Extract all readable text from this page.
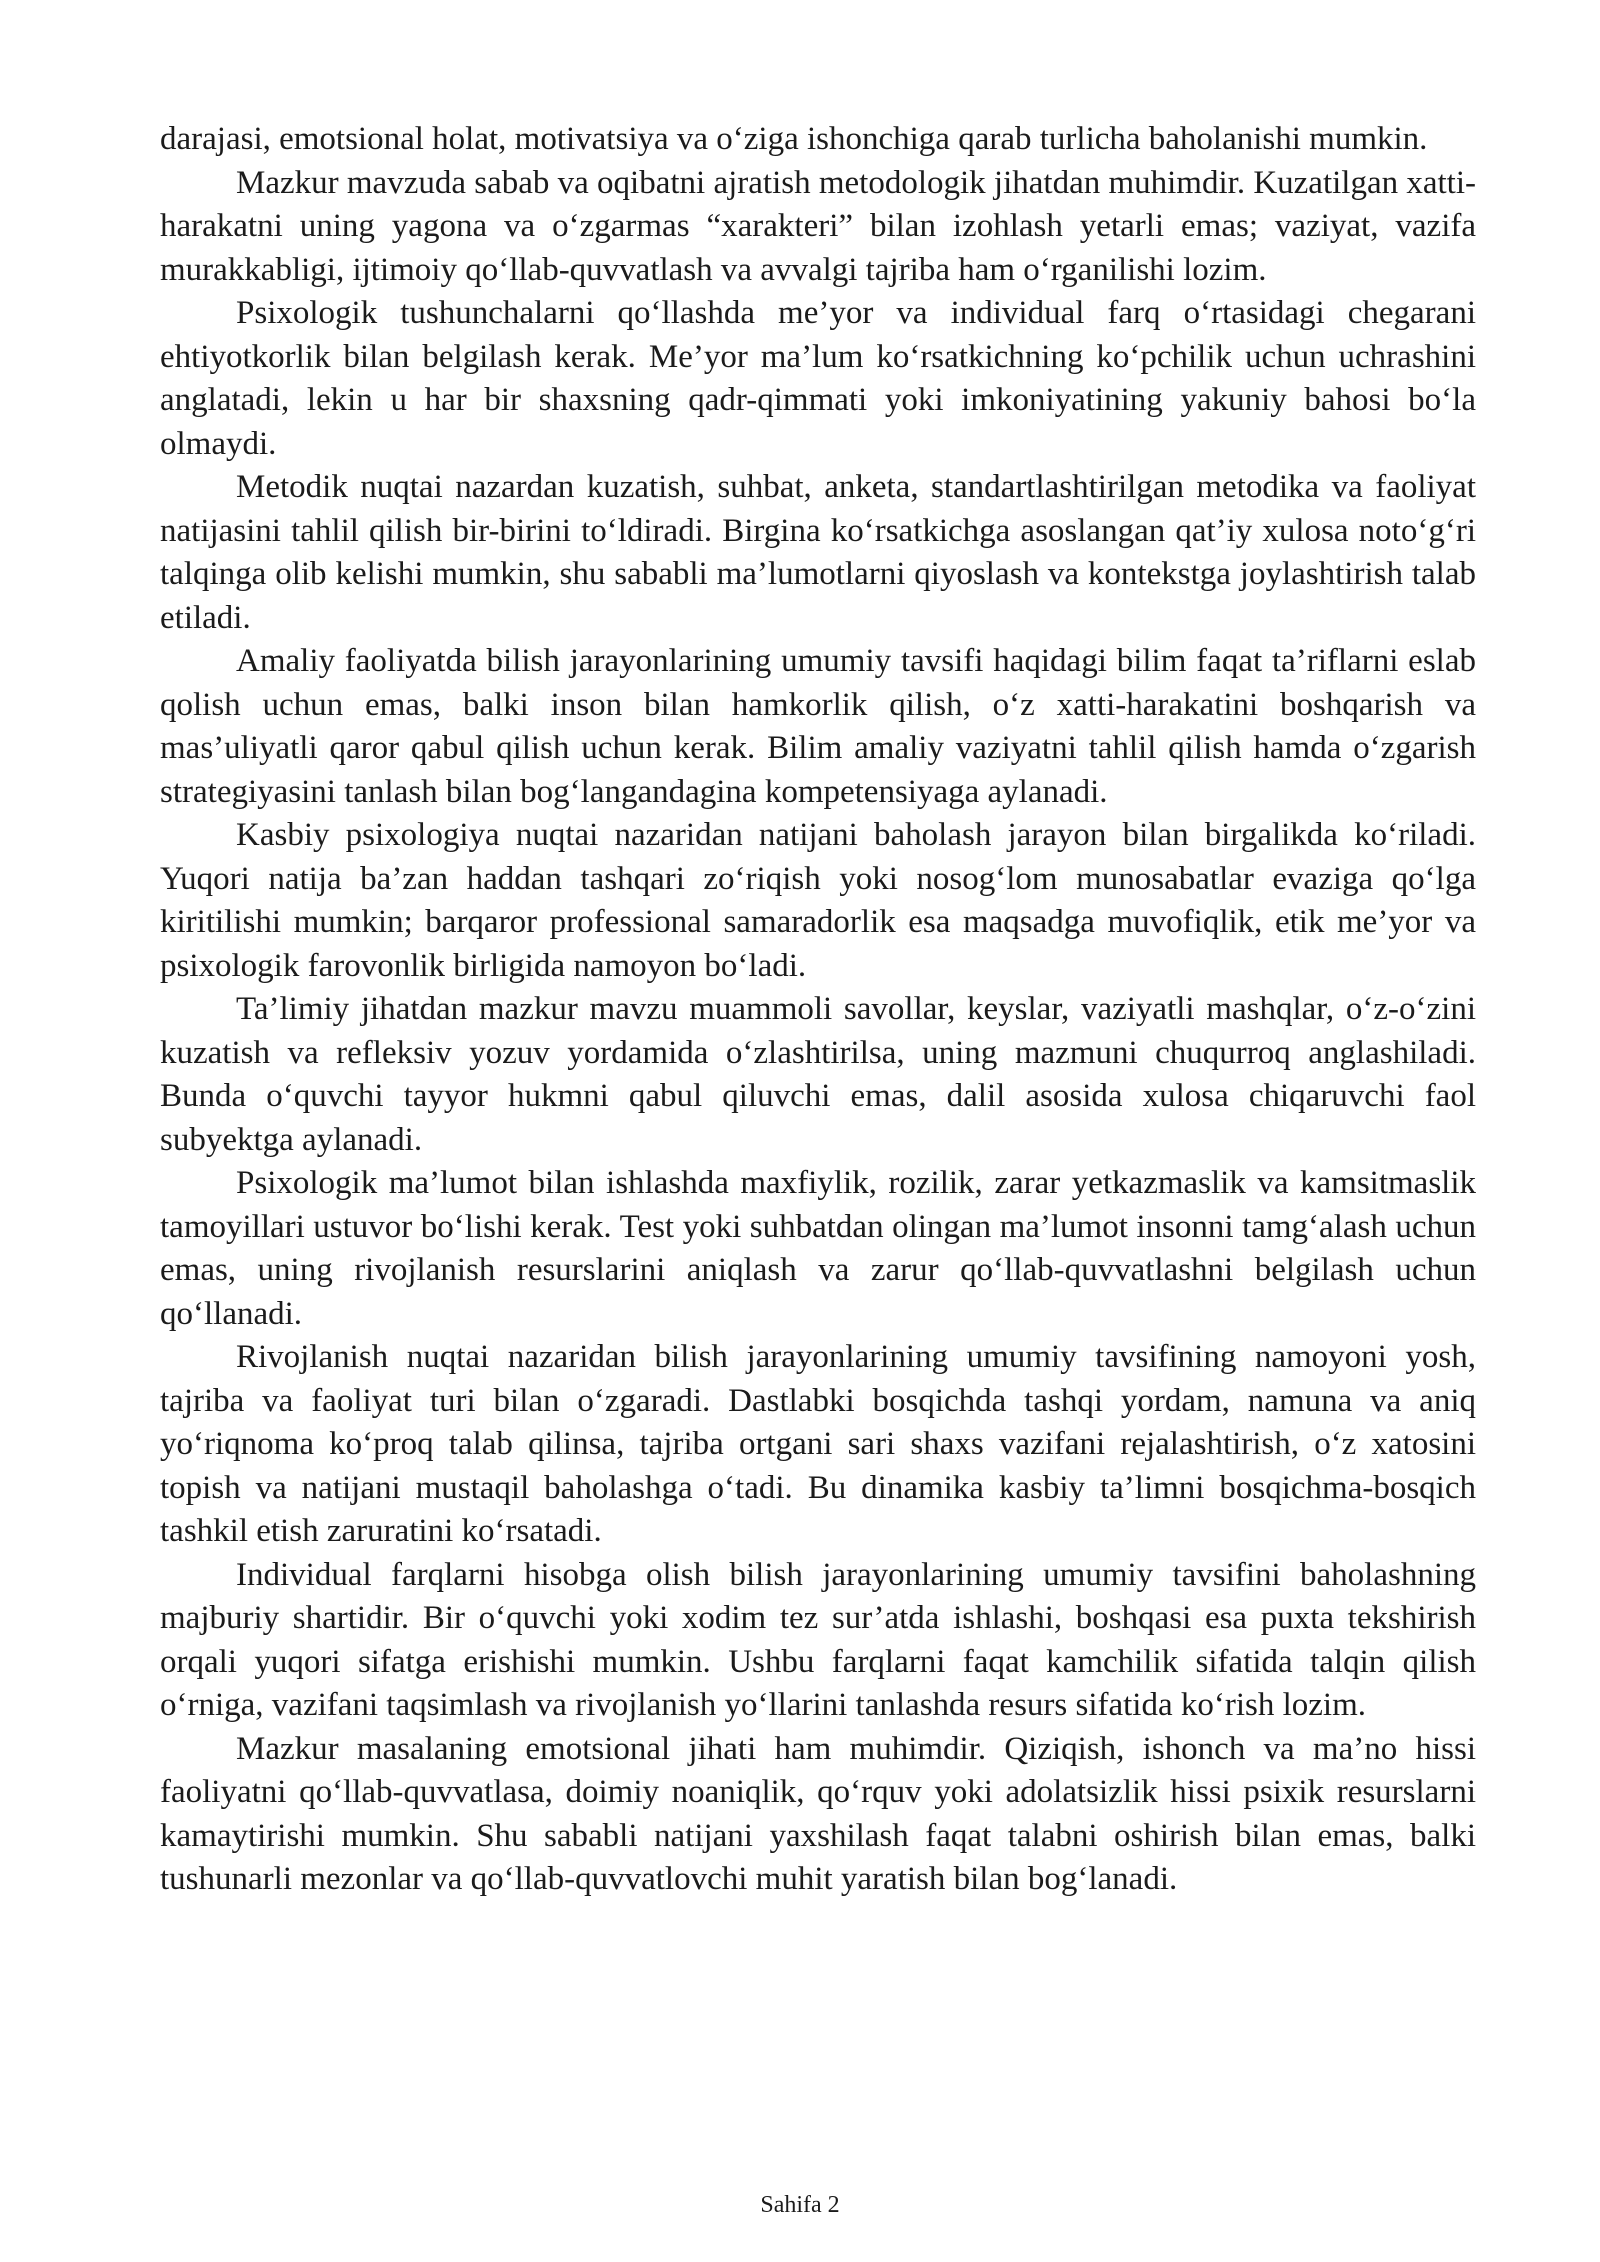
darajasi, emotsional holat, motivatsiya va o‘ziga ishonchiga qarab turlicha baholanishi mumkin.

Mazkur mavzuda sabab va oqibatni ajratish metodologik jihatdan muhimdir. Kuzatilgan xatti-harakatni uning yagona va o‘zgarmas “xarakteri” bilan izohlash yetarli emas; vaziyat, vazifa murakkabligi, ijtimoiy qo‘llab-quvvatlash va avvalgi tajriba ham o‘rganilishi lozim.

Psixologik tushunchalarni qo‘llashda me’yor va individual farq o‘rtasidagi chegarani ehtiyotkorlik bilan belgilash kerak. Me’yor ma’lum ko‘rsatkichning ko‘pchilik uchun uchrashini anglatadi, lekin u har bir shaxsning qadr-qimmati yoki imkoniyatining yakuniy bahosi bo‘la olmaydi.

Metodik nuqtai nazardan kuzatish, suhbat, anketa, standartlashtirilgan metodika va faoliyat natijasini tahlil qilish bir-birini to‘ldiradi. Birgina ko‘rsatkichga asoslangan qat’iy xulosa noto‘g‘ri talqinga olib kelishi mumkin, shu sababli ma’lumotlarni qiyoslash va kontekstga joylashtirish talab etiladi.

Amaliy faoliyatda bilish jarayonlarining umumiy tavsifi haqidagi bilim faqat ta’riflarni eslab qolish uchun emas, balki inson bilan hamkorlik qilish, o‘z xatti-harakatini boshqarish va mas’uliyatli qaror qabul qilish uchun kerak. Bilim amaliy vaziyatni tahlil qilish hamda o‘zgarish strategiyasini tanlash bilan bog‘langandagina kompetensiyaga aylanadi.

Kasbiy psixologiya nuqtai nazaridan natijani baholash jarayon bilan birgalikda ko‘riladi. Yuqori natija ba’zan haddan tashqari zo‘riqish yoki nosog‘lom munosabatlar evaziga qo‘lga kiritilishi mumkin; barqaror professional samaradorlik esa maqsadga muvofiqlik, etik me’yor va psixologik farovonlik birligida namoyon bo‘ladi.

Ta’limiy jihatdan mazkur mavzu muammoli savollar, keyslar, vaziyatli mashqlar, o‘z-o‘zini kuzatish va refleksiv yozuv yordamida o‘zlashtirilsa, uning mazmuni chuqurroq anglashiladi. Bunda o‘quvchi tayyor hukmni qabul qiluvchi emas, dalil asosida xulosa chiqaruvchi faol subyektga aylanadi.

Psixologik ma’lumot bilan ishlashda maxfiylik, rozilik, zarar yetkazmaslik va kamsitmaslik tamoyillari ustuvor bo‘lishi kerak. Test yoki suhbatdan olingan ma’lumot insonni tamg‘alash uchun emas, uning rivojlanish resurslarini aniqlash va zarur qo‘llab-quvvatlashni belgilash uchun qo‘llanadi.

Rivojlanish nuqtai nazaridan bilish jarayonlarining umumiy tavsifining namoyoni yosh, tajriba va faoliyat turi bilan o‘zgaradi. Dastlabki bosqichda tashqi yordam, namuna va aniq yo‘riqnoma ko‘proq talab qilinsa, tajriba ortgani sari shaxs vazifani rejalashtirish, o‘z xatosini topish va natijani mustaqil baholashga o‘tadi. Bu dinamika kasbiy ta’limni bosqichma-bosqich tashkil etish zaruratini ko‘rsatadi.

Individual farqlarni hisobga olish bilish jarayonlarining umumiy tavsifini baholashning majburiy shartidir. Bir o‘quvchi yoki xodim tez sur’atda ishlashi, boshqasi esa puxta tekshirish orqali yuqori sifatga erishishi mumkin. Ushbu farqlarni faqat kamchilik sifatida talqin qilish o‘rniga, vazifani taqsimlash va rivojlanish yo‘llarini tanlashda resurs sifatida ko‘rish lozim.

Mazkur masalaning emotsional jihati ham muhimdir. Qiziqish, ishonch va ma’no hissi faoliyatni qo‘llab-quvvatlasa, doimiy noaniqlik, qo‘rquv yoki adolatsizlik hissi psixik resurslarni kamaytirishi mumkin. Shu sababli natijani yaxshilash faqat talabni oshirish bilan emas, balki tushunarli mezonlar va qo‘llab-quvvatlovchi muhit yaratish bilan bog‘lanadi.

Sahifa 2
